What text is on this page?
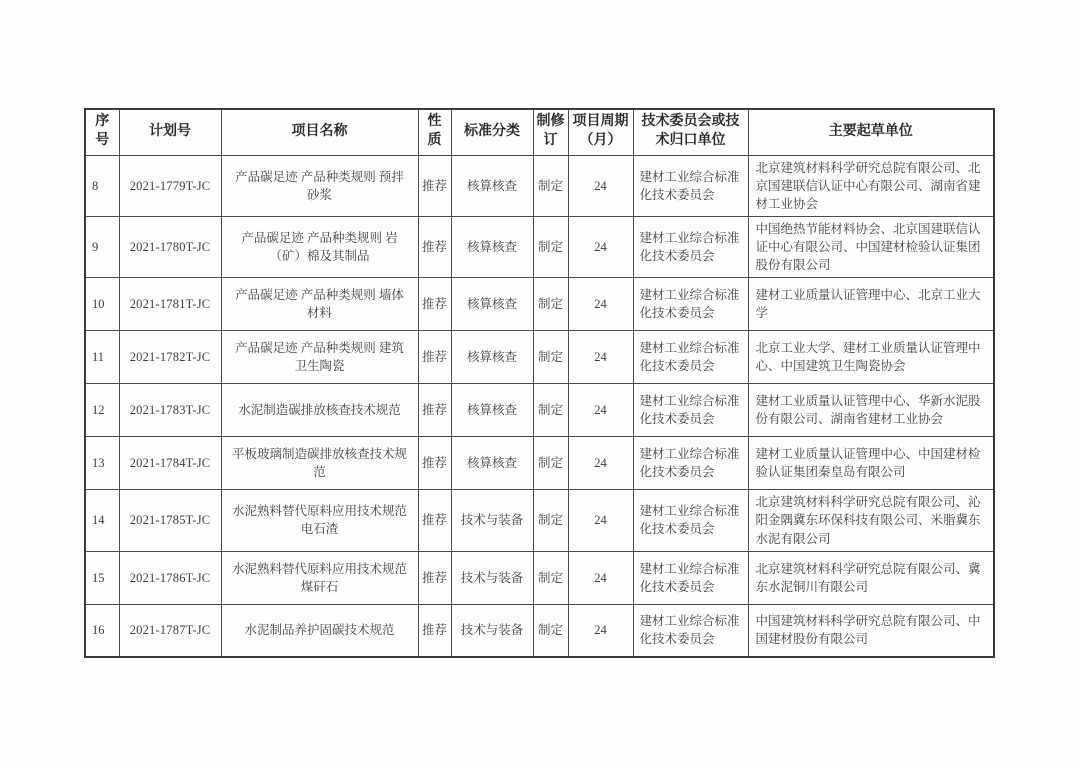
序号	计划号	项目名称	性质	标准分类	制修订	项目周期（月）	技术委员会或技术归口单位	主要起草单位
8	2021-1779T-JC	产品碳足迹 产品种类规则 预拌砂浆	推荐	核算核查	制定	24	建材工业综合标准化技术委员会	北京建筑材料科学研究总院有限公司、北京国建联信认证中心有限公司、湖南省建材工业协会
9	2021-1780T-JC	产品碳足迹 产品种类规则 岩（矿）棉及其制品	推荐	核算核查	制定	24	建材工业综合标准化技术委员会	中国绝热节能材料协会、北京国建联信认证中心有限公司、中国建材检验认证集团股份有限公司
10	2021-1781T-JC	产品碳足迹 产品种类规则 墙体材料	推荐	核算核查	制定	24	建材工业综合标准化技术委员会	建材工业质量认证管理中心、北京工业大学
11	2021-1782T-JC	产品碳足迹 产品种类规则 建筑卫生陶瓷	推荐	核算核查	制定	24	建材工业综合标准化技术委员会	北京工业大学、建材工业质量认证管理中心、中国建筑卫生陶瓷协会
12	2021-1783T-JC	水泥制造碳排放核查技术规范	推荐	核算核查	制定	24	建材工业综合标准化技术委员会	建材工业质量认证管理中心、华新水泥股份有限公司、湖南省建材工业协会
13	2021-1784T-JC	平板玻璃制造碳排放核查技术规范	推荐	核算核查	制定	24	建材工业综合标准化技术委员会	建材工业质量认证管理中心、中国建材检验认证集团秦皇岛有限公司
14	2021-1785T-JC	水泥熟料替代原料应用技术规范 电石渣	推荐	技术与装备	制定	24	建材工业综合标准化技术委员会	北京建筑材料科学研究总院有限公司、沁阳金隅冀东环保科技有限公司、米脂冀东水泥有限公司
15	2021-1786T-JC	水泥熟料替代原料应用技术规范 煤矸石	推荐	技术与装备	制定	24	建材工业综合标准化技术委员会	北京建筑材料科学研究总院有限公司、冀东水泥铜川有限公司
16	2021-1787T-JC	水泥制品养护固碳技术规范	推荐	技术与装备	制定	24	建材工业综合标准化技术委员会	中国建筑材料科学研究总院有限公司、中国建材股份有限公司
